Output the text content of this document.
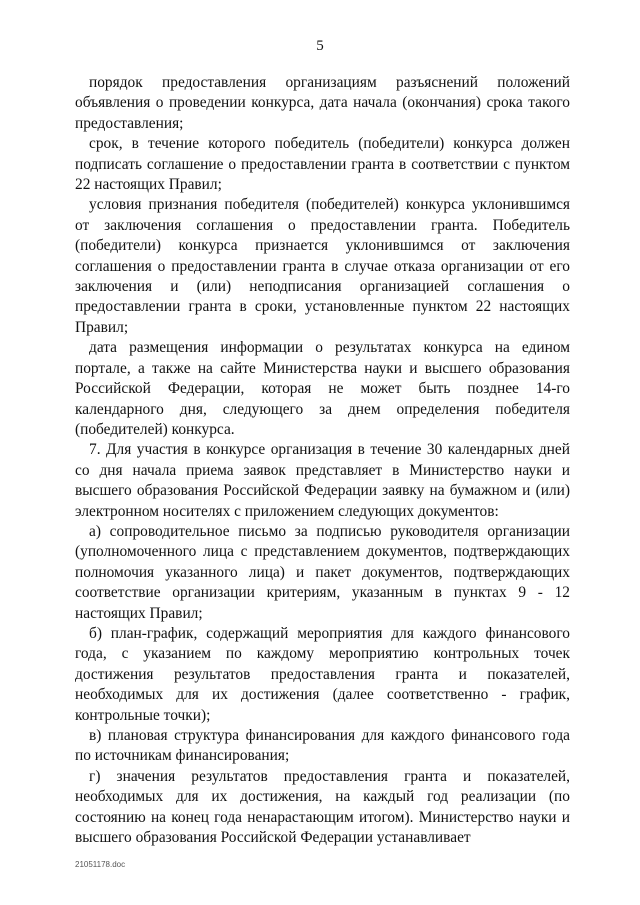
5

порядок предоставления организациям разъяснений положений объявления о проведении конкурса, дата начала (окончания) срока такого предоставления;

срок, в течение которого победитель (победители) конкурса должен подписать соглашение о предоставлении гранта в соответствии с пунктом 22 настоящих Правил;

условия признания победителя (победителей) конкурса уклонившимся от заключения соглашения о предоставлении гранта. Победитель (победители) конкурса признается уклонившимся от заключения соглашения о предоставлении гранта в случае отказа организации от его заключения и (или) неподписания организацией соглашения о предоставлении гранта в сроки, установленные пунктом 22 настоящих Правил;

дата размещения информации о результатах конкурса на едином портале, а также на сайте Министерства науки и высшего образования Российской Федерации, которая не может быть позднее 14-го календарного дня, следующего за днем определения победителя (победителей) конкурса.

7. Для участия в конкурсе организация в течение 30 календарных дней со дня начала приема заявок представляет в Министерство науки и высшего образования Российской Федерации заявку на бумажном и (или) электронном носителях с приложением следующих документов:

а) сопроводительное письмо за подписью руководителя организации (уполномоченного лица с представлением документов, подтверждающих полномочия указанного лица) и пакет документов, подтверждающих соответствие организации критериям, указанным в пунктах 9 - 12 настоящих Правил;

б) план-график, содержащий мероприятия для каждого финансового года, с указанием по каждому мероприятию контрольных точек достижения результатов предоставления гранта и показателей, необходимых для их достижения (далее соответственно - график, контрольные точки);

в) плановая структура финансирования для каждого финансового года по источникам финансирования;

г) значения результатов предоставления гранта и показателей, необходимых для их достижения, на каждый год реализации (по состоянию на конец года ненарастающим итогом). Министерство науки и высшего образования Российской Федерации устанавливает

21051178.doc
